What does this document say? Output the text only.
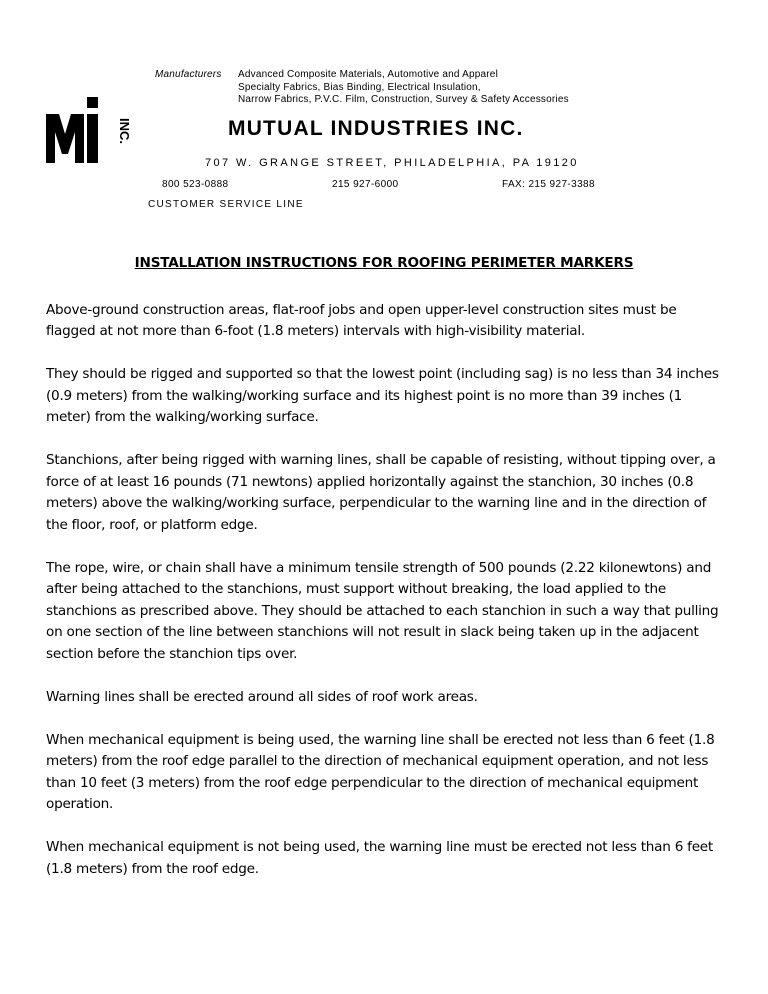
INC.
Manufacturers Advanced Composite Materials, Automotive and Apparel
Specialty Fabrics, Bias Binding, Electrical Insulation,
Narrow Fabrics, P.V.C. Film, Construction, Survey & Safety Accessories
MUTUAL INDUSTRIES INC.
707 W. GRANGE STREET, PHILADELPHIA, PA 19120
800 523-0888	215 927-6000	FAX: 215 927-3388
CUSTOMER SERVICE LINE
INSTALLATION INSTRUCTIONS FOR ROOFING PERIMETER MARKERS

Above-ground construction areas, flat-roof jobs and open upper-level construction sites must be flagged at not more than 6-foot (1.8 meters) intervals with high-visibility material.

They should be rigged and supported so that the lowest point (including sag) is no less than 34 inches (0.9 meters) from the walking/working surface and its highest point is no more than 39 inches (1 meter) from the walking/working surface.

Stanchions, after being rigged with warning lines, shall be capable of resisting, without tipping over, a force of at least 16 pounds (71 newtons) applied horizontally against the stanchion, 30 inches (0.8 meters) above the walking/working surface, perpendicular to the warning line and in the direction of the floor, roof, or platform edge.

The rope, wire, or chain shall have a minimum tensile strength of 500 pounds (2.22 kilonewtons) and after being attached to the stanchions, must support without breaking, the load applied to the stanchions as prescribed above. They should be attached to each stanchion in such a way that pulling on one section of the line between stanchions will not result in slack being taken up in the adjacent section before the stanchion tips over.

Warning lines shall be erected around all sides of roof work areas.

When mechanical equipment is being used, the warning line shall be erected not less than 6 feet (1.8 meters) from the roof edge parallel to the direction of mechanical equipment operation, and not less than 10 feet (3 meters) from the roof edge perpendicular to the direction of mechanical equipment operation.

When mechanical equipment is not being used, the warning line must be erected not less than 6 feet (1.8 meters) from the roof edge.
